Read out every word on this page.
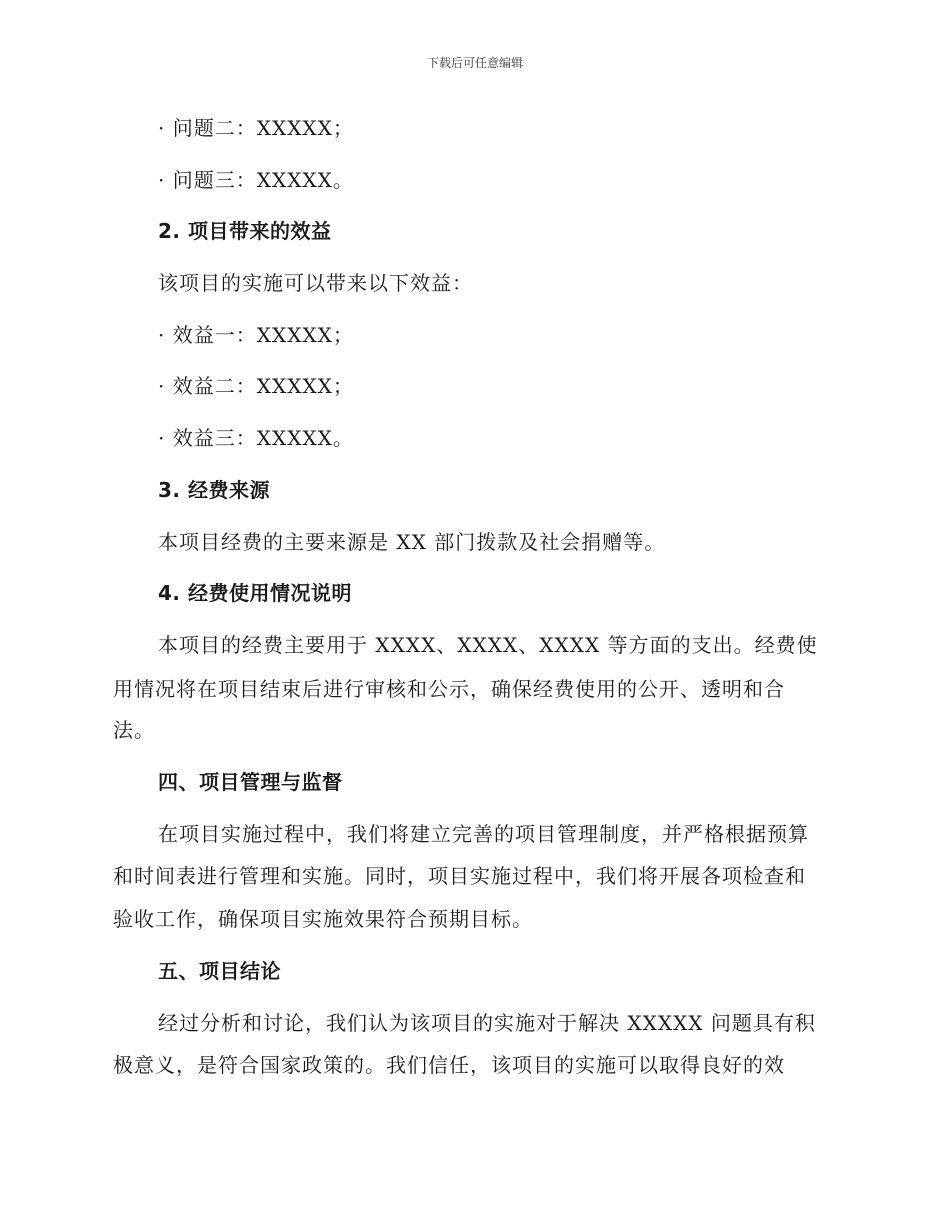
下载后可任意编辑
· 问题二：XXXXX；
· 问题三：XXXXX。
2. 项目带来的效益
该项目的实施可以带来以下效益：
· 效益一：XXXXX；
· 效益二：XXXXX；
· 效益三：XXXXX。
3. 经费来源
本项目经费的主要来源是 XX 部门拨款及社会捐赠等。
4. 经费使用情况说明
本项目的经费主要用于 XXXX、XXXX、XXXX 等方面的支出。经费使
用情况将在项目结束后进行审核和公示，确保经费使用的公开、透明和合
法。
四、项目管理与监督
在项目实施过程中，我们将建立完善的项目管理制度，并严格根据预算
和时间表进行管理和实施。同时，项目实施过程中，我们将开展各项检查和
验收工作，确保项目实施效果符合预期目标。
五、项目结论
经过分析和讨论，我们认为该项目的实施对于解决 XXXXX 问题具有积
极意义，是符合国家政策的。我们信任，该项目的实施可以取得良好的效
